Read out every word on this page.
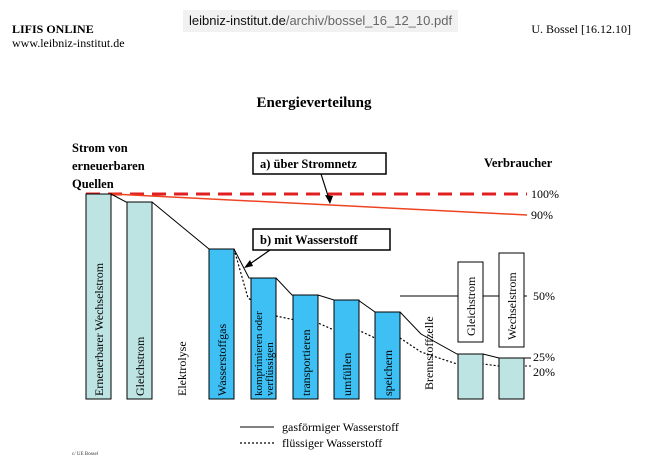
leibniz-institut.de/archiv/bossel_16_12_10.pdf
LIFIS ONLINE
www.leibniz-institut.de
U. Bossel [16.12.10]
Energieverteilung
Strom von
erneuerbaren
Quellen
Verbraucher
a) über Stromnetz
b) mit Wasserstoff
100%
90%
50%
25%
20%
Erneuerbarer Wechselstrom Gleichstrom Elektrolyse Wasserstoffgas komprimieren oder verflüssigen transportieren umfüllen speichern Brennstoffzelle
Gleichstrom Wechselstrom
gasförmiger Wasserstoff
flüssiger Wasserstoff
c/ UE Bossel
